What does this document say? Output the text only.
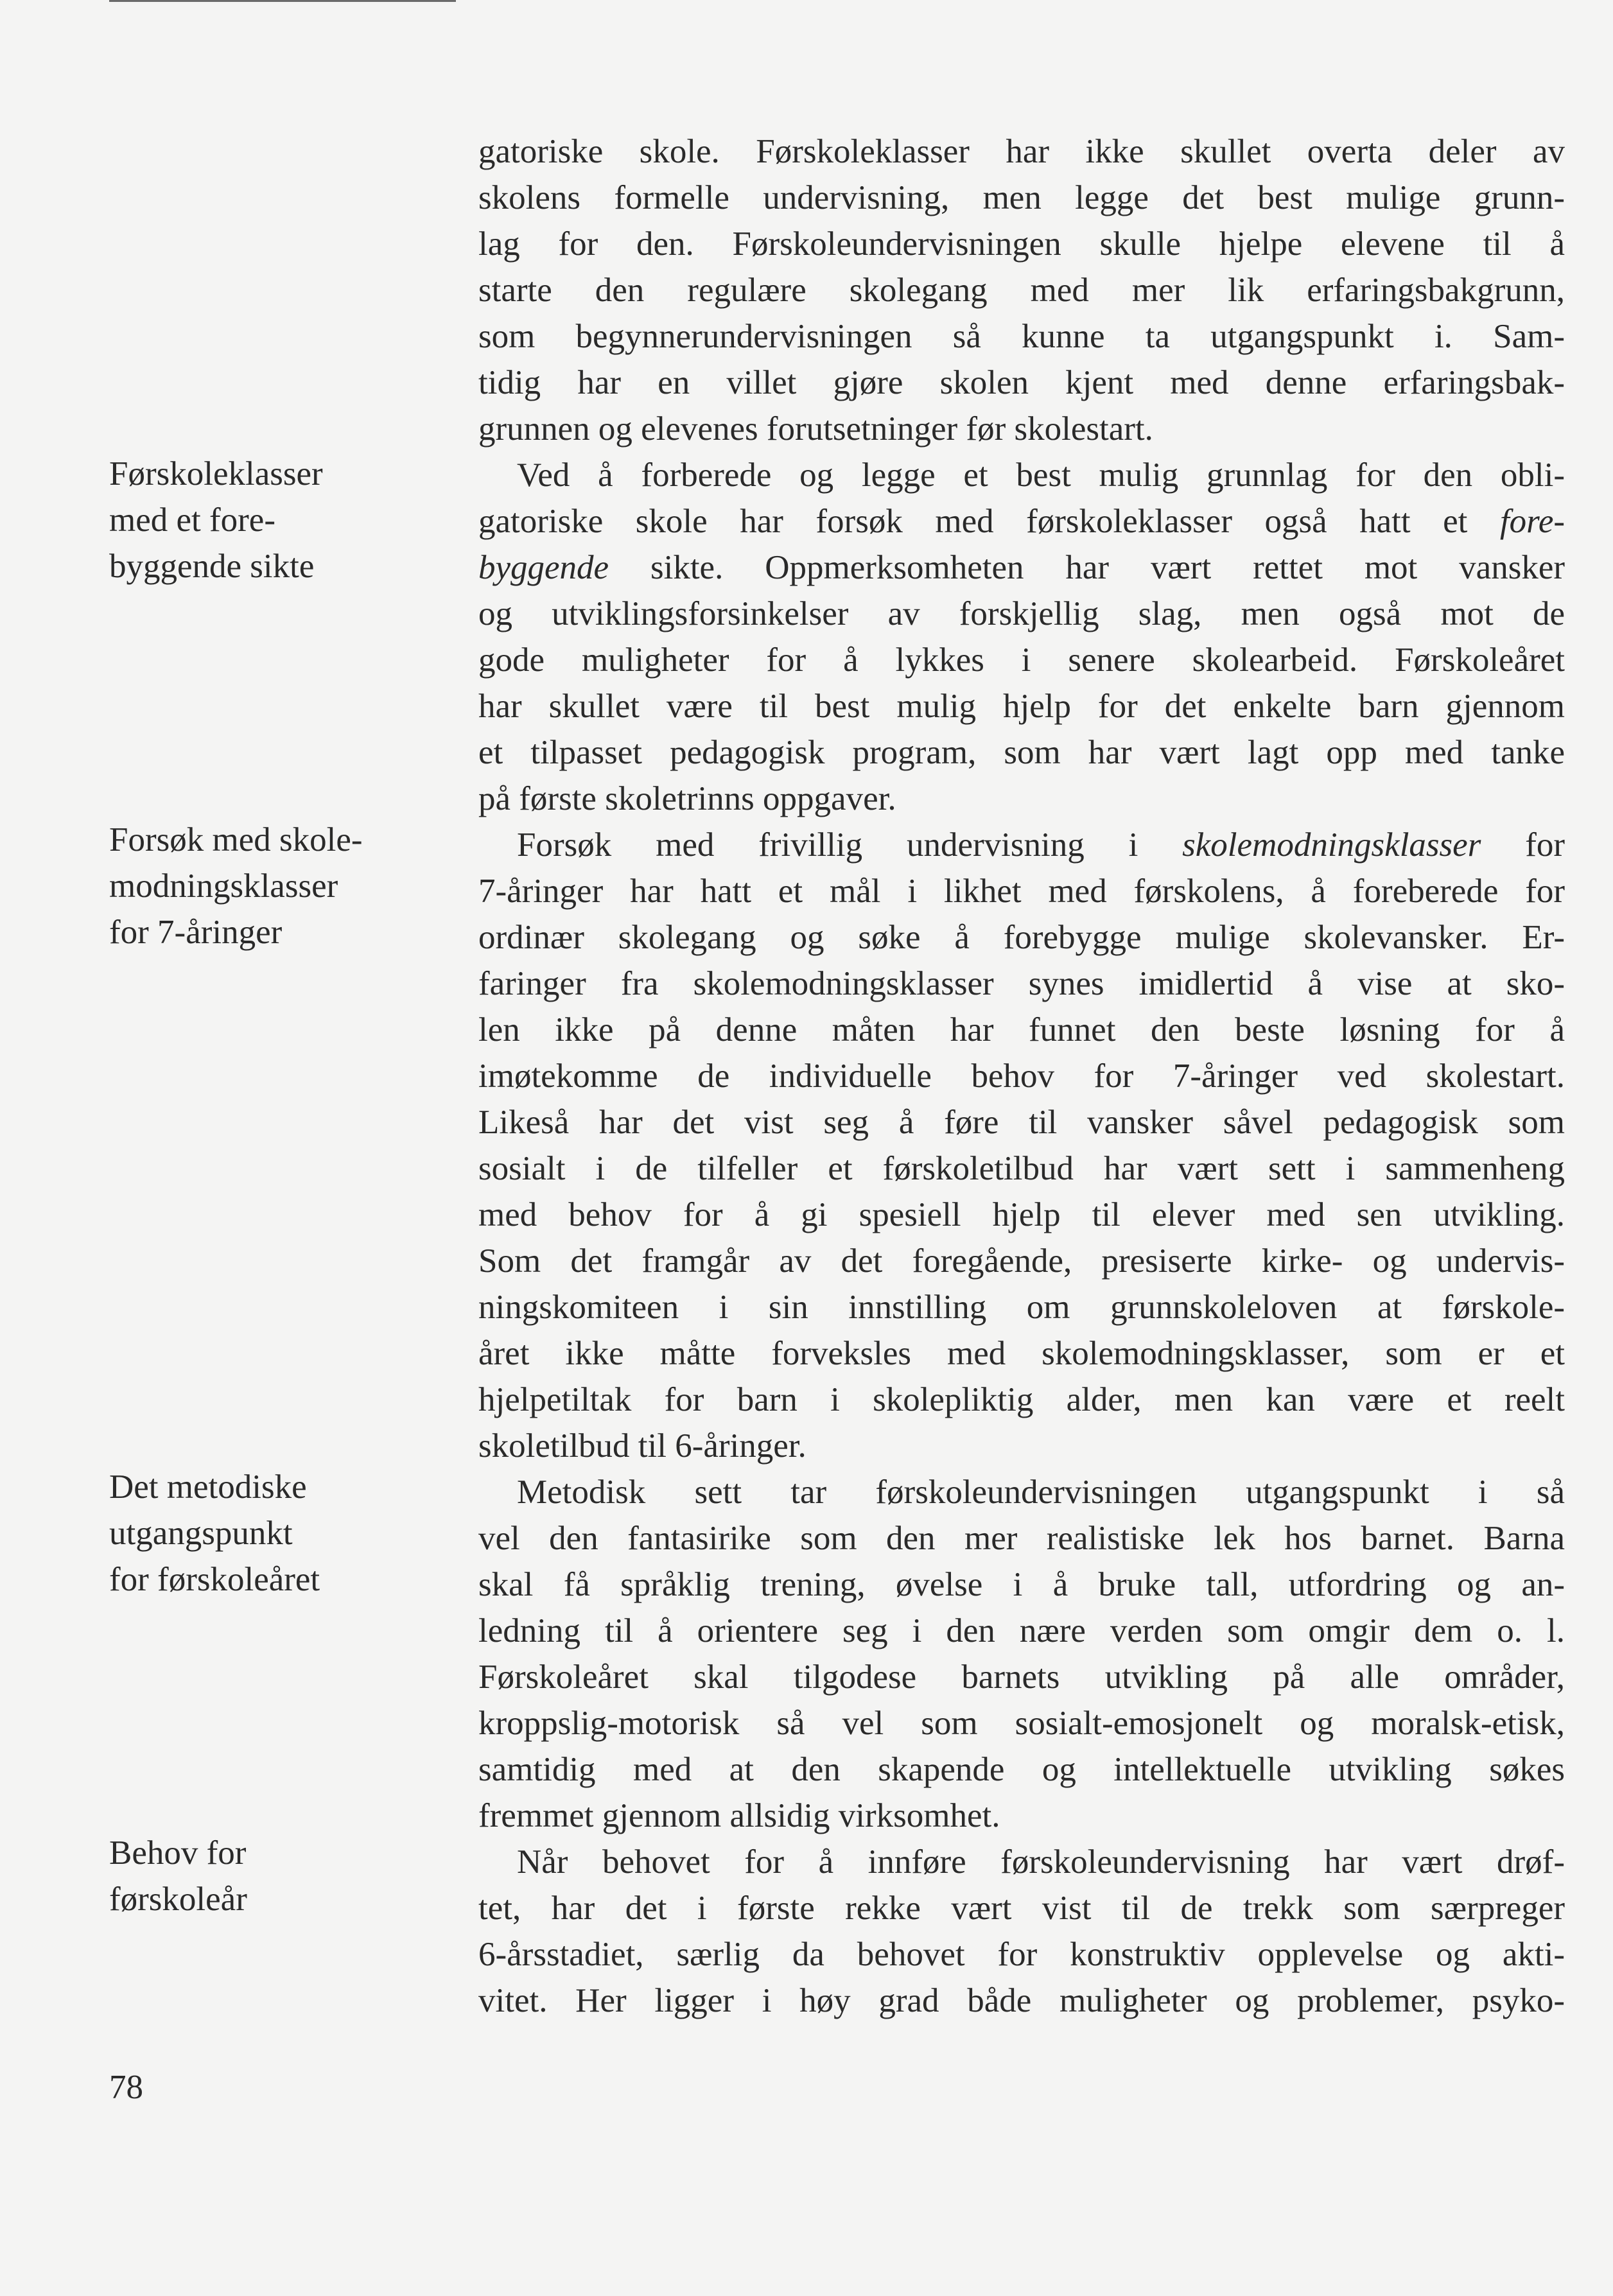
Førskoleklasser
med et fore-
byggende sikte
Forsøk med skole-
modningsklasser
for 7-åringer
Det metodiske
utgangspunkt
for førskoleåret
Behov for
førskoleår
gatoriske skole. Førskoleklasser har ikke skullet overta deler av
skolens formelle undervisning, men legge det best mulige grunn-
lag for den. Førskoleundervisningen skulle hjelpe elevene til å
starte den regulære skolegang med mer lik erfaringsbakgrunn,
som begynnerundervisningen så kunne ta utgangspunkt i. Sam-
tidig har en villet gjøre skolen kjent med denne erfaringsbak-
grunnen og elevenes forutsetninger før skolestart.
Ved å forberede og legge et best mulig grunnlag for den obli-
gatoriske skole har forsøk med førskoleklasser også hatt et fore-
byggende sikte. Oppmerksomheten har vært rettet mot vansker
og utviklingsforsinkelser av forskjellig slag, men også mot de
gode muligheter for å lykkes i senere skolearbeid. Førskoleåret
har skullet være til best mulig hjelp for det enkelte barn gjennom
et tilpasset pedagogisk program, som har vært lagt opp med tanke
på første skoletrinns oppgaver.
Forsøk med frivillig undervisning i skolemodningsklasser for
7-åringer har hatt et mål i likhet med førskolens, å foreberede for
ordinær skolegang og søke å forebygge mulige skolevansker. Er-
faringer fra skolemodningsklasser synes imidlertid å vise at sko-
len ikke på denne måten har funnet den beste løsning for å
imøtekomme de individuelle behov for 7-åringer ved skolestart.
Likeså har det vist seg å føre til vansker såvel pedagogisk som
sosialt i de tilfeller et førskoletilbud har vært sett i sammenheng
med behov for å gi spesiell hjelp til elever med sen utvikling.
Som det framgår av det foregående, presiserte kirke- og undervis-
ningskomiteen i sin innstilling om grunnskoleloven at førskole-
året ikke måtte forveksles med skolemodningsklasser, som er et
hjelpetiltak for barn i skolepliktig alder, men kan være et reelt
skoletilbud til 6-åringer.
Metodisk sett tar førskoleundervisningen utgangspunkt i så
vel den fantasirike som den mer realistiske lek hos barnet. Barna
skal få språklig trening, øvelse i å bruke tall, utfordring og an-
ledning til å orientere seg i den nære verden som omgir dem o. l.
Førskoleåret skal tilgodese barnets utvikling på alle områder,
kroppslig-motorisk så vel som sosialt-emosjonelt og moralsk-etisk,
samtidig med at den skapende og intellektuelle utvikling søkes
fremmet gjennom allsidig virksomhet.
Når behovet for å innføre førskoleundervisning har vært drøf-
tet, har det i første rekke vært vist til de trekk som særpreger
6-årsstadiet, særlig da behovet for konstruktiv opplevelse og akti-
vitet. Her ligger i høy grad både muligheter og problemer, psyko-
78
